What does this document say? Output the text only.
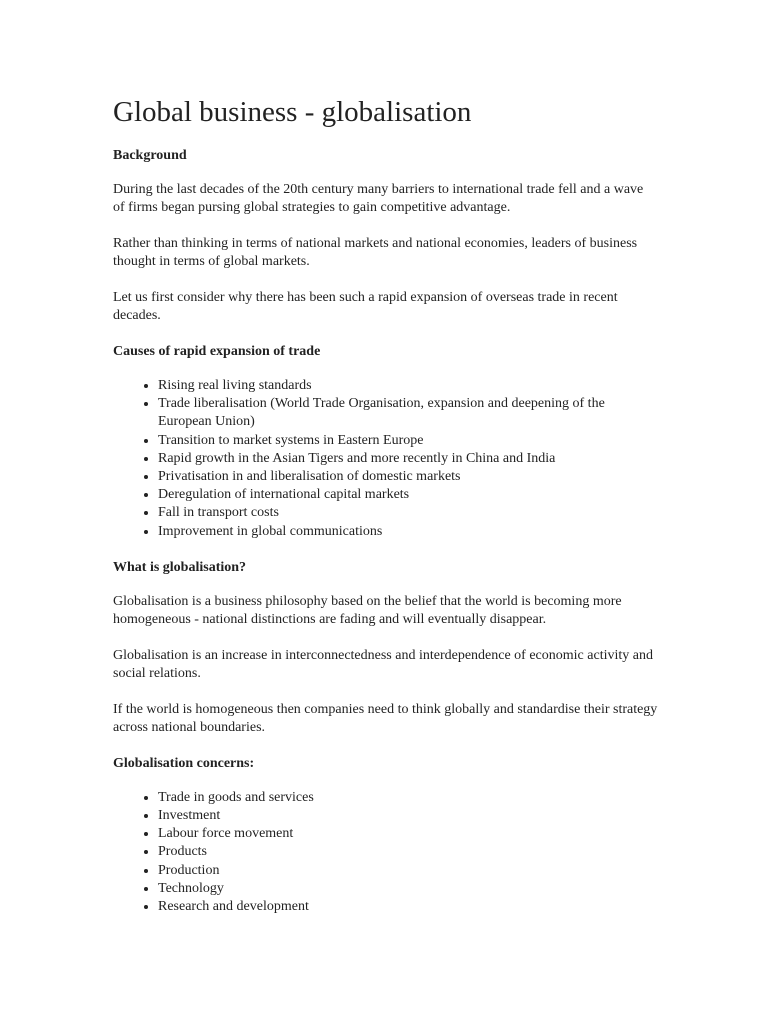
Global business - globalisation
Background

During the last decades of the 20th century many barriers to international trade fell and a wave of firms began pursing global strategies to gain competitive advantage.

Rather than thinking in terms of national markets and national economies, leaders of business thought in terms of global markets.

Let us first consider why there has been such a rapid expansion of overseas trade in recent decades.

Causes of rapid expansion of trade
• Rising real living standards
• Trade liberalisation (World Trade Organisation, expansion and deepening of the European Union)
• Transition to market systems in Eastern Europe
• Rapid growth in the Asian Tigers and more recently in China and India
• Privatisation in and liberalisation of domestic markets
• Deregulation of international capital markets
• Fall in transport costs
• Improvement in global communications
What is globalisation?

Globalisation is a business philosophy based on the belief that the world is becoming more homogeneous - national distinctions are fading and will eventually disappear.

Globalisation is an increase in interconnectedness and interdependence of economic activity and social relations.

If the world is homogeneous then companies need to think globally and standardise their strategy across national boundaries.

Globalisation concerns:
• Trade in goods and services
• Investment
• Labour force movement
• Products
• Production
• Technology
• Research and development
